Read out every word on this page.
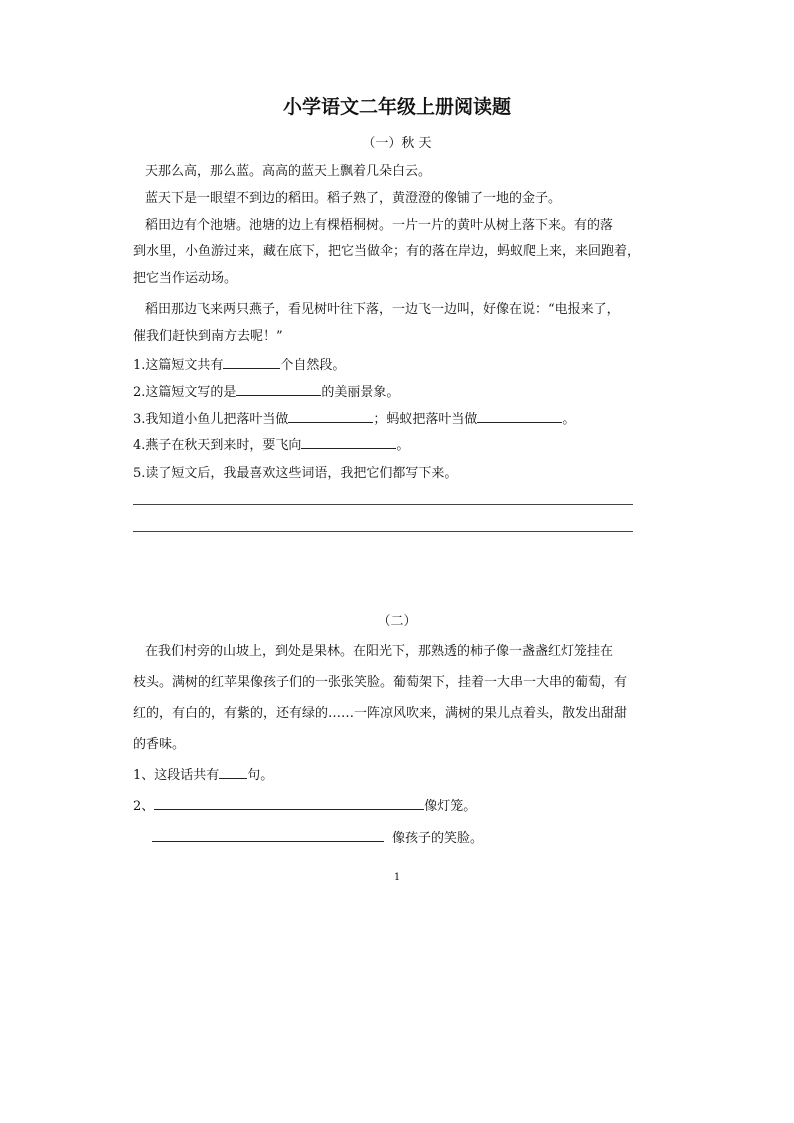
小学语文二年级上册阅读题
（一）秋 天
天那么高，那么蓝。高高的蓝天上飘着几朵白云。
蓝天下是一眼望不到边的稻田。稻子熟了，黄澄澄的像铺了一地的金子。
稻田边有个池塘。池塘的边上有棵梧桐树。一片一片的黄叶从树上落下来。有的落
到水里，小鱼游过来，藏在底下，把它当做伞；有的落在岸边，蚂蚁爬上来，来回跑着，
把它当作运动场。
稻田那边飞来两只燕子，看见树叶往下落，一边飞一边叫，好像在说：“电报来了，
催我们赶快到南方去呢！”
1.这篇短文共有	个自然段。
2.这篇短文写的是	的美丽景象。
3.我知道小鱼儿把落叶当做	；蚂蚁把落叶当做	。
4.燕子在秋天到来时，要飞向	。
5.读了短文后，我最喜欢这些词语，我把它们都写下来。
（二）
在我们村旁的山坡上，到处是果林。在阳光下，那熟透的柿子像一盏盏红灯笼挂在
枝头。满树的红苹果像孩子们的一张张笑脸。葡萄架下，挂着一大串一大串的葡萄，有
红的，有白的，有紫的，还有绿的……一阵凉风吹来，满树的果儿点着头，散发出甜甜
的香味。
1、这段话共有 句。
2、	像灯笼。
像孩子的笑脸。
1
